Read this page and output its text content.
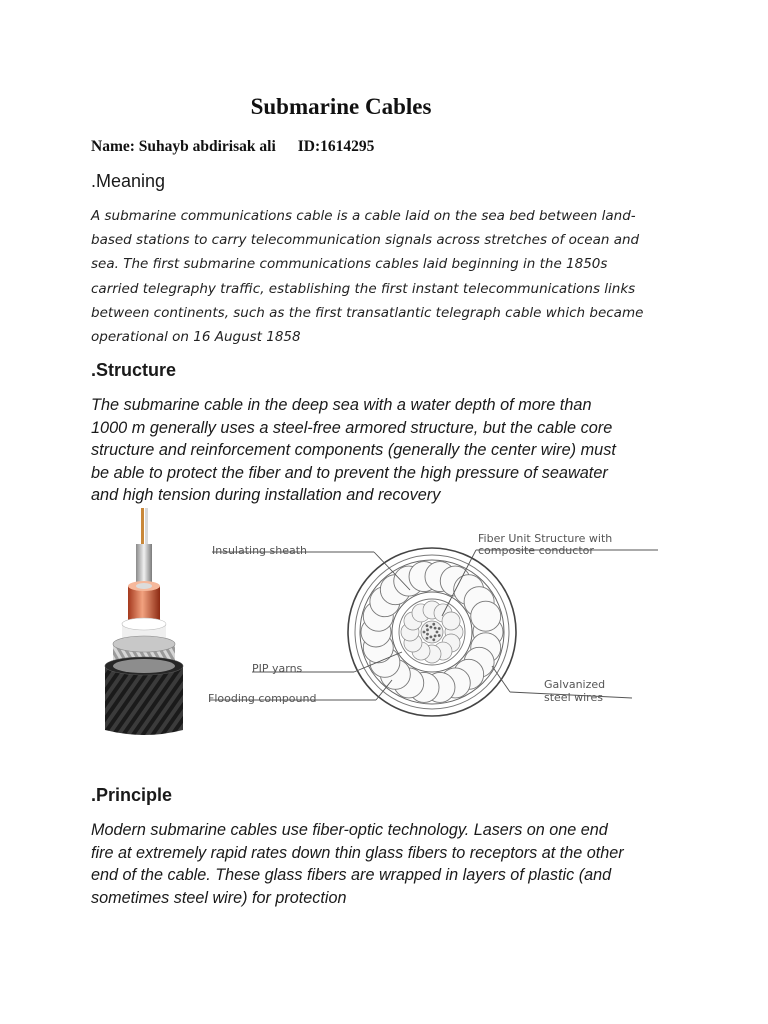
Submarine Cables
Name: Suhayb abdirisak ali ID:1614295
.Meaning
A submarine communications cable is a cable laid on the sea bed between land-
based stations to carry telecommunication signals across stretches of ocean and
sea. The first submarine communications cables laid beginning in the 1850s
carried telegraphy traffic, establishing the first instant telecommunications links
between continents, such as the first transatlantic telegraph cable which became
operational on 16 August 1858
.Structure
The submarine cable in the deep sea with a water depth of more than
1000 m generally uses a steel-free armored structure, but the cable core
structure and reinforcement components (generally the center wire) must
be able to protect the fiber and to prevent the high pressure of seawater
and high tension during installation and recovery
Insulating sheath
Fiber Unit Structure with
composite conductor
PIP yarns
Flooding compound
Galvanized
steel wires
.Principle
Modern submarine cables use fiber-optic technology. Lasers on one end
fire at extremely rapid rates down thin glass fibers to receptors at the other
end of the cable. These glass fibers are wrapped in layers of plastic (and
sometimes steel wire) for protection
